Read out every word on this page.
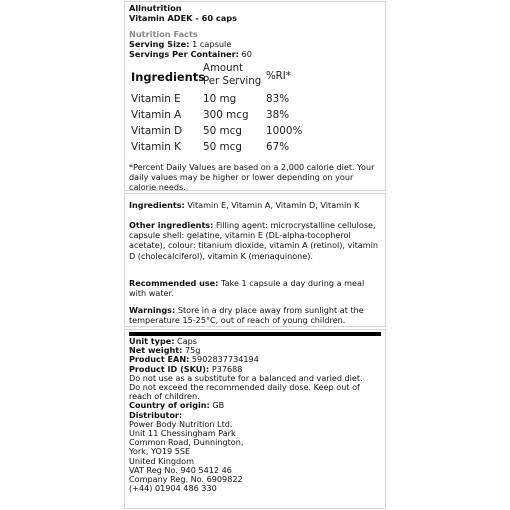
Allnutrition
Vitamin ADEK - 60 caps
Nutrition Facts
Serving Size: 1 capsule
Servings Per Container: 60
Ingredients
Amount
Per Serving %RI*
Vitamin E 10 mg	83%
Vitamin A 300 mcg 38%
Vitamin D 50 mcg 1000%
Vitamin K 50 mcg 67%
*Percent Daily Values are based on a 2,000 calorie diet. Your daily values may be higher or lower depending on your calorie needs.
Ingredients: Vitamin E, Vitamin A, Vitamin D, Vitamin K
Other ingredients: Filling agent: microcrystalline cellulose, capsule shell: gelatine, vitamin E (DL-alpha-tocopherol acetate), colour: titanium dioxide, vitamin A (retinol), vitamin D (cholecalciferol), vitamin K (menaquinone).
Recommended use: Take 1 capsule a day during a meal with water.
Warnings: Store in a dry place away from sunlight at the temperature 15-25°C, out of reach of young children.
Unit type: Caps
Net weight: 75g
Product EAN: 5902837734194
Product ID (SKU): P37688
Do not use as a substitute for a balanced and varied diet.
Do not exceed the recommended daily dose. Keep out of
reach of children.
Country of origin: GB
Distributor:
Power Body Nutrition Ltd.
Unit 11 Chessingham Park
Common Road, Dunnington,
York, YO19 5SE
United Kingdom
VAT Reg No. 940 5412 46
Company Reg. No. 6909822
(+44) 01904 486 330
